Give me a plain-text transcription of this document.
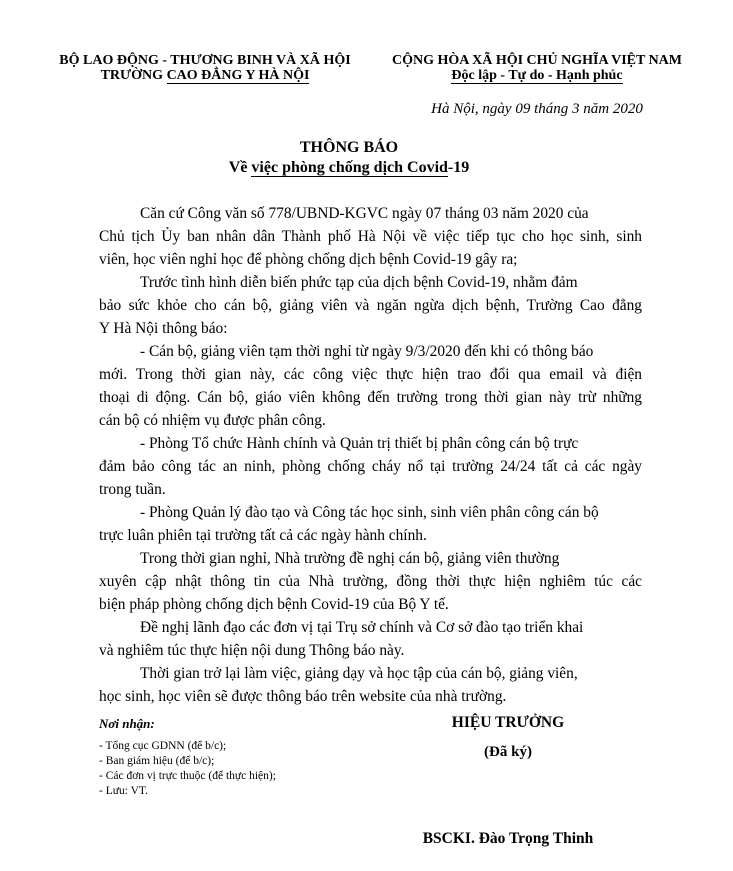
BỘ LAO ĐỘNG - THƯƠNG BINH VÀ XÃ HỘI
TRƯỜNG CAO ĐẲNG Y HÀ NỘI
CỘNG HÒA XÃ HỘI CHỦ NGHĨA VIỆT NAM
Độc lập - Tự do - Hạnh phúc
Hà Nội, ngày 09 tháng 3 năm 2020
THÔNG BÁO
Về việc phòng chống dịch Covid-19
Căn cứ Công văn số 778/UBND-KGVC ngày 07 tháng 03 năm 2020 của
Chủ tịch Ủy ban nhân dân Thành phố Hà Nội về việc tiếp tục cho học sinh, sinh
viên, học viên nghỉ học để phòng chống dịch bệnh Covid-19 gây ra;
Trước tình hình diễn biến phức tạp của dịch bệnh Covid-19, nhằm đảm
bảo sức khỏe cho cán bộ, giảng viên và ngăn ngừa dịch bệnh, Trường Cao đẳng
Y Hà Nội thông báo:
- Cán bộ, giảng viên tạm thời nghỉ từ ngày 9/3/2020 đến khi có thông báo
mới. Trong thời gian này, các công việc thực hiện trao đổi qua email và điện
thoại di động. Cán bộ, giáo viên không đến trường trong thời gian này trừ những
cán bộ có nhiệm vụ được phân công.
- Phòng Tổ chức Hành chính và Quản trị thiết bị phân công cán bộ trực
đảm bảo công tác an ninh, phòng chống cháy nổ tại trường 24/24 tất cả các ngày
trong tuần.
- Phòng Quản lý đào tạo và Công tác học sinh, sinh viên phân công cán bộ
trực luân phiên tại trường tất cả các ngày hành chính.
Trong thời gian nghỉ, Nhà trường đề nghị cán bộ, giảng viên thường
xuyên cập nhật thông tin của Nhà trường, đồng thời thực hiện nghiêm túc các
biện pháp phòng chống dịch bệnh Covid-19 của Bộ Y tế.
Đề nghị lãnh đạo các đơn vị tại Trụ sở chính và Cơ sở đào tạo triển khai
và nghiêm túc thực hiện nội dung Thông báo này.
Thời gian trở lại làm việc, giảng dạy và học tập của cán bộ, giảng viên,
học sinh, học viên sẽ được thông báo trên website của nhà trường.
Nơi nhận:
- Tổng cục GDNN (để b/c);
- Ban giám hiệu (để b/c);
- Các đơn vị trực thuộc (để thực hiện);
- Lưu: VT.
HIỆU TRƯỞNG
(Đã ký)
BSCKI. Đào Trọng Thinh
